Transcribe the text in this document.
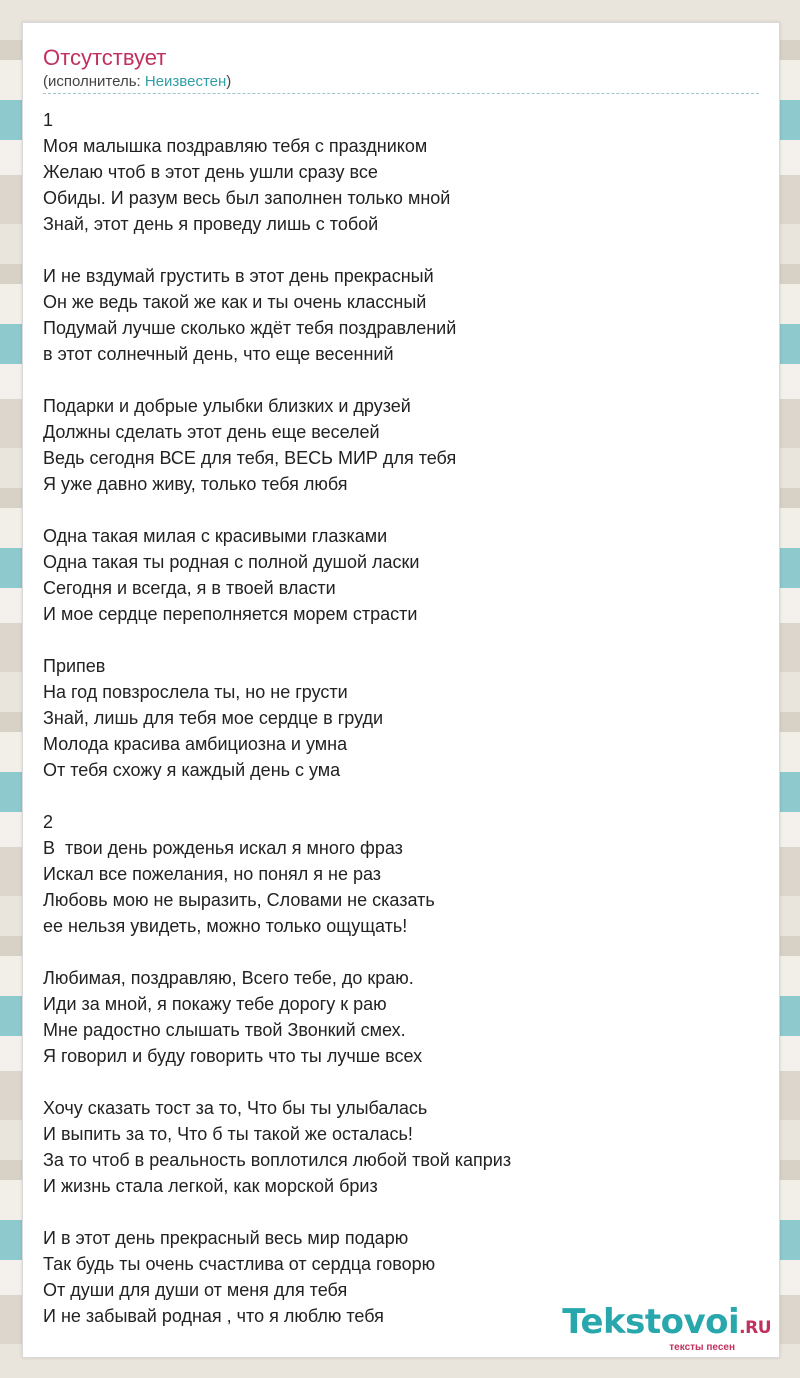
Отсутствует
(исполнитель: Неизвестен)
1
Моя малышка поздравляю тебя с праздником
Желаю чтоб в этот день ушли сразу все
Обиды. И разум весь был заполнен только мной
Знай, этот день я проведу лишь с тобой
И не вздумай грустить в этот день прекрасный
Он же ведь такой же как и ты очень классный
Подумай лучше сколько ждёт тебя поздравлений
в этот солнечный день, что еще весенний
Подарки и добрые улыбки близких и друзей
Должны сделать этот день еще веселей
Ведь сегодня ВСЕ для тебя, ВЕСЬ МИР для тебя
Я уже давно живу, только тебя любя
Одна такая милая с красивыми глазками
Одна такая ты родная с полной душой ласки
Сегодня и всегда, я в твоей власти
И мое сердце переполняется морем страсти
Припев
На год повзрослела ты, но не грусти
Знай, лишь для тебя мое сердце в груди
Молода красива амбициозна и умна
От тебя схожу я каждый день с ума
2
В  твои день рожденья искал я много фраз
Искал все пожелания, но понял я не раз
Любовь мою не выразить, Словами не сказать
ее нельзя увидеть, можно только ощущать!
Любимая, поздравляю, Всего тебе, до краю.
Иди за мной, я покажу тебе дорогу к раю
Мне радостно слышать твой Звонкий смех.
Я говорил и буду говорить что ты лучше всех
Хочу сказать тост за то, Что бы ты улыбалась
И выпить за то, Что б ты такой же осталась!
За то чтоб в реальность воплотился любой твой каприз
И жизнь стала легкой, как морской бриз
И в этот день прекрасный весь мир подарю
Так будь ты очень счастлива от сердца говорю
От души для души от меня для тебя
И не забывай родная , что я люблю тебя	Tekstovoi.RU
тексты песен
